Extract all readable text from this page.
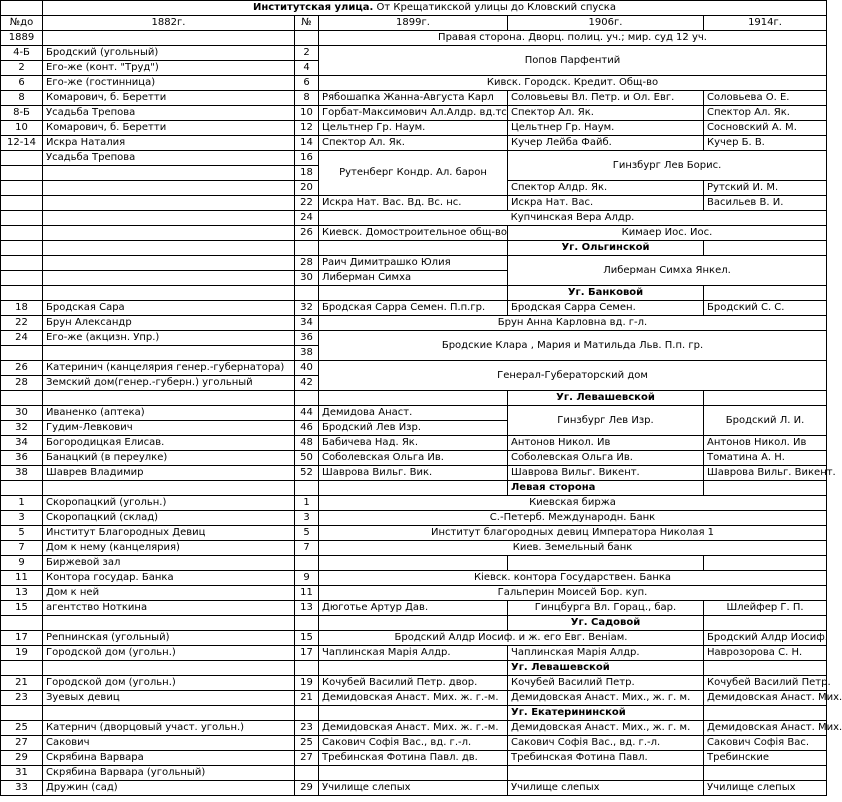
	Институтская улица. От Крещатикской улицы до Кловский спуска				
№до	1882г.	№	1899г.	1906г.	1914г.
1889			Правая сторона. Дворц. полиц. уч.; мир. суд 12 уч.		
4-Б	Бродский (угольный)	2	Попов Парфентий		
2	Его-же (конт. "Труд")	4			
6	Его-же (гостинница)	6	Кивск. Городск. Кредит. Общ-во		
8	Комарович, б. Беретти	8	Рябошапка Жанна-Августа Карл	Соловьевы Вл. Петр. и Ол. Евг.	Соловьева О. Е.
8-Б	Усадьба Трепова	10	Горбат-Максимович Ал.Алдр. вд.тс	Спектор Ал. Як.	Спектор Ал. Як.
10	Комарович, б. Беретти	12	Цельтнер Гр. Наум.	Цельтнер Гр. Наум.	Сосновский А. М.
12-14	Искра Наталия	14	Спектор Ал. Як.	Кучер Лейба Файб.	Кучер Б. В.
	Усадьба Трепова	16	Рутенберг Кондр. Ал. барон	Гинзбург Лев Борис.	
		18			
		20		Спектор Алдр. Як.	Рутский И. М.
		22	Искра Нат. Вас. Вд. Вс. нс.	Искра Нат. Вас.	Васильев В. И.
		24	Купчинская Вера Алдр.		
		26	Киевск. Домостроительное общ-во	Кимаер Иос. Иос.	
				Уг. Ольгинской	
		28	Раич Димитрашко Юлия	Либерман Симха Янкел.	
		30	Либерман Симха		
				Уг. Банковой	
18	Бродская Сара	32	Бродская Сарра Семен. П.п.гр.	Бродская Сарра Семен.	Бродский С. С.
22	Брун Александр	34	Брун Анна Карловна вд. г-л.		
24	Его-же (акцизн. Упр.)	36	Бродские Клара , Мария и Матильда Льв. П.п. гр.		
		38			
26	Катеринич (канцелярия генер.-губернатора)	40	Генерал-Губераторский дом		
28	Земский дом(генер.-губерн.) угольный	42			
				Уг. Левашевской	
30	Иваненко (аптека)	44	Демидова Анаст.	Гинзбург Лев Изр.	Бродский Л. И.
32	Гудим-Левкович	46	Бродский Лев Изр.		
34	Богородицкая Елисав.	48	Бабичева Над. Як.	Антонов Никол. Ив	Антонов Никол. Ив
36	Банацкий (в переулке)	50	Соболевская Ольга Ив.	Соболевская Ольга Ив.	Томатина А. Н.
38	Шаврев Владимир	52	Шаврова Вильг. Вик.	Шаврова Вильг. Викент.	Шаврова Вильг. Викент.
				Левая сторона	
1	Скоропацкий (угольн.)	1	Киевская биржа		
3	Скоропацкий (склад)	3	С.-Петерб. Международн. Банк		
5	Институт Благородных Девиц	5	Институт благородных девиц Императора Николая 1		
7	Дом к нему (канцелярия)	7	Киев. Земельный банк		
9	Биржевой зал				
11	Контора государ. Банка	9	Кіевск. контора Государствен. Банка		
13	Дом к ней	11	Гальперин Моисей Бор. куп.		
15	агентство Ноткина	13	Дюготье Артур Дав.	Гинцбурга Вл. Горац., бар.	Шлейфер Г. П.
				Уг. Садовой	
17	Репнинская (угольный)	15	Бродский Алдр Иосиф. и ж. его Евг. Веніам.		Бродский Алдр Иосиф.
19	Городской дом (угольн.)	17	Чаплинская Марія Алдр.	Чаплинская Марія Алдр.	Наврозорова С. Н.
				Уг. Левашевской	
21	Городской дом (угольн.)	19	Кочубей Василий Петр. двор.	Кочубей Василий Петр.	Кочубей Василий Петр.
23	Зуевых девиц	21	Демидовская Анаст. Мих. ж. г.-м.	Демидовская Анаст. Мих., ж. г. м.	Демидовская Анаст. Мих.
				Уг. Екатерининской	
25	Катернич (дворцовый участ. угольн.)	23	Демидовская Анаст. Мих. ж. г.-м.	Демидовская Анаст. Мих., ж. г. м.	Демидовская Анаст. Мих.
27	Сакович	25	Сакович Софія Вас., вд. г.-л.	Сакович Софія Вас., вд. г.-л.	Сакович Софія Вас.
29	Скрябина Варвара	27	Требинская Фотина Павл. дв.	Требинская Фотина Павл.	Требинские
31	Скрябина Варвара (угольный)				
33	Дружин (сад)	29	Училище слепых	Училище слепых	Училище слепых
